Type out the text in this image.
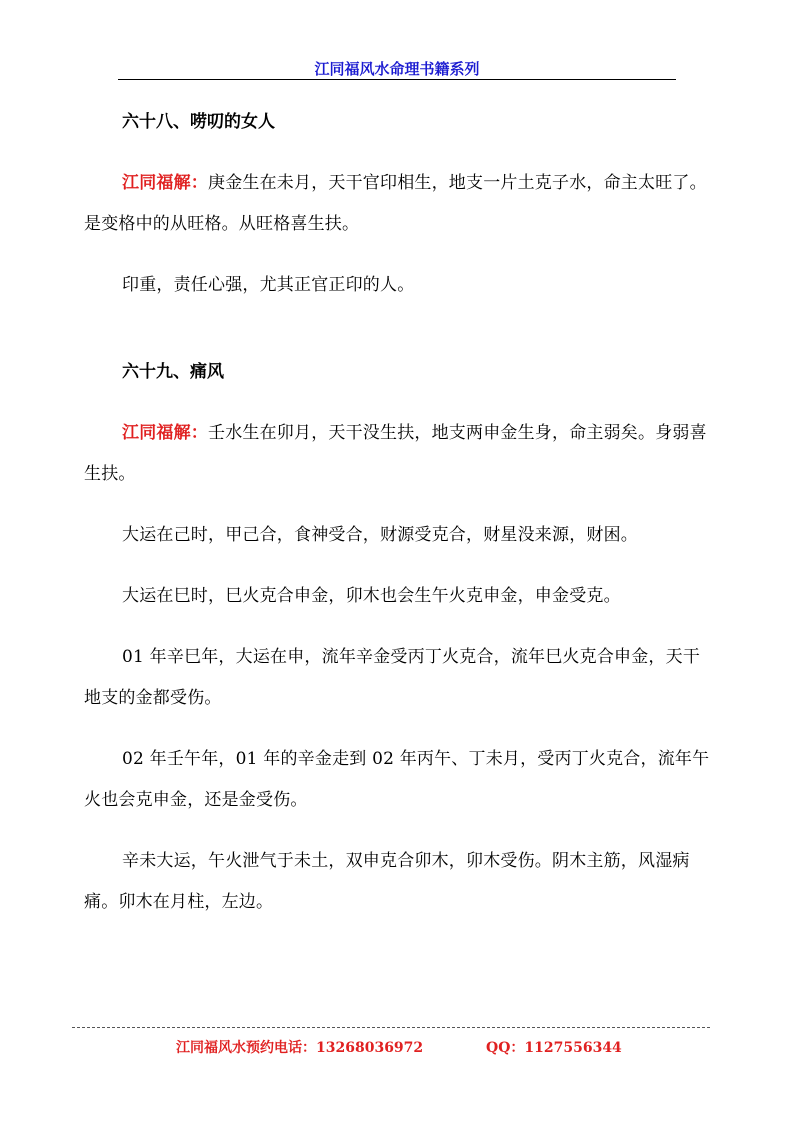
江同福风水命理书籍系列
六十八、唠叨的女人

江同福解：庚金生在未月，天干官印相生，地支一片土克子水，命主太旺了。是变格中的从旺格。从旺格喜生扶。

印重，责任心强，尤其正官正印的人。

六十九、痛风

江同福解：壬水生在卯月，天干没生扶，地支两申金生身，命主弱矣。身弱喜生扶。

大运在己时，甲己合，食神受合，财源受克合，财星没来源，财困。

大运在巳时，巳火克合申金，卯木也会生午火克申金，申金受克。

01 年辛巳年，大运在申，流年辛金受丙丁火克合，流年巳火克合申金，天干地支的金都受伤。

02 年壬午年，01 年的辛金走到 02 年丙午、丁未月，受丙丁火克合，流年午火也会克申金，还是金受伤。

辛未大运，午火泄气于未土，双申克合卯木，卯木受伤。阴木主筋，风湿病痛。卯木在月柱，左边。

江同福风水预约电话：13268036972	QQ：1127556344
